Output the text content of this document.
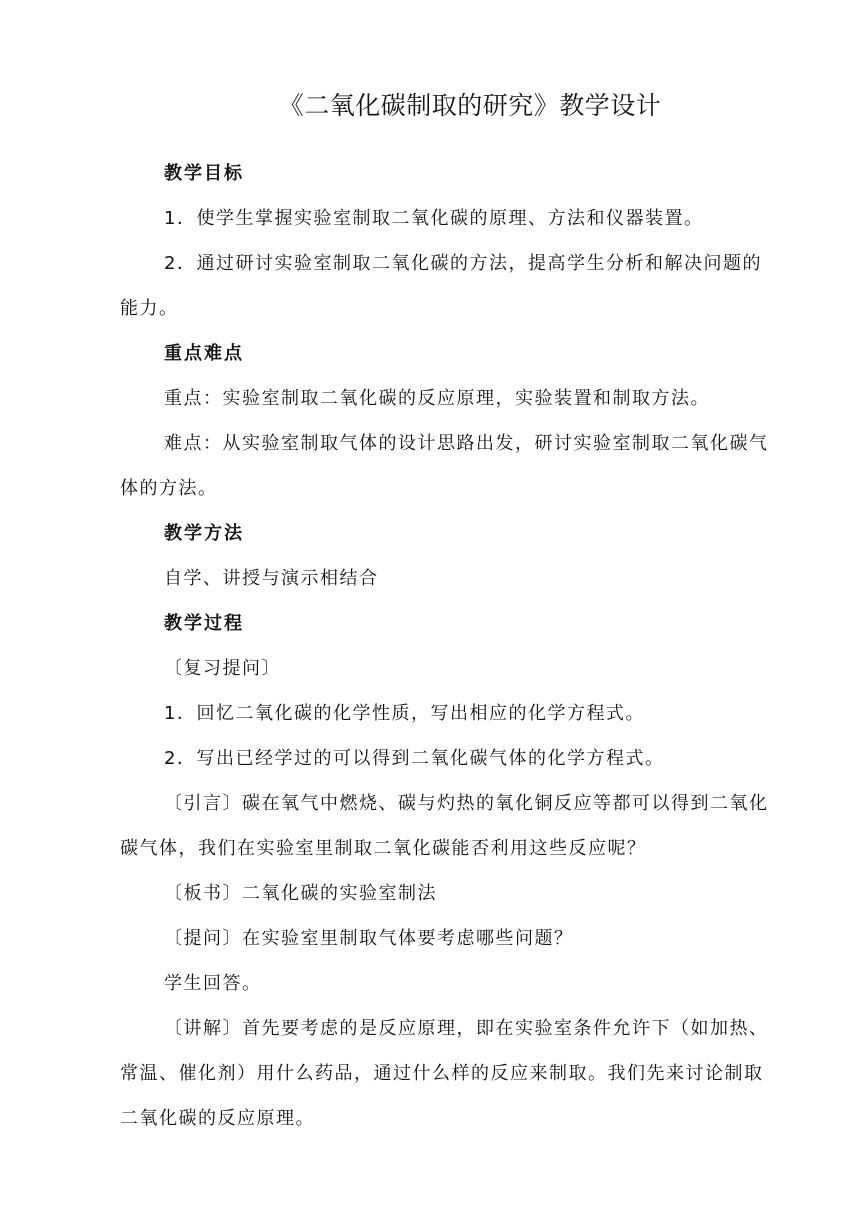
《二氧化碳制取的研究》教学设计

教学目标

1．使学生掌握实验室制取二氧化碳的原理、方法和仪器装置。

2．通过研讨实验室制取二氧化碳的方法，提高学生分析和解决问题的能力。

重点难点

重点：实验室制取二氧化碳的反应原理，实验装置和制取方法。

难点：从实验室制取气体的设计思路出发，研讨实验室制取二氧化碳气体的方法。

教学方法

自学、讲授与演示相结合

教学过程

〔复习提问〕

1．回忆二氧化碳的化学性质，写出相应的化学方程式。

2．写出已经学过的可以得到二氧化碳气体的化学方程式。

〔引言〕碳在氧气中燃烧、碳与灼热的氧化铜反应等都可以得到二氧化碳气体，我们在实验室里制取二氧化碳能否利用这些反应呢？

〔板书〕二氧化碳的实验室制法

〔提问〕在实验室里制取气体要考虑哪些问题？

学生回答。

〔讲解〕首先要考虑的是反应原理，即在实验室条件允许下（如加热、常温、催化剂）用什么药品，通过什么样的反应来制取。我们先来讨论制取二氧化碳的反应原理。
